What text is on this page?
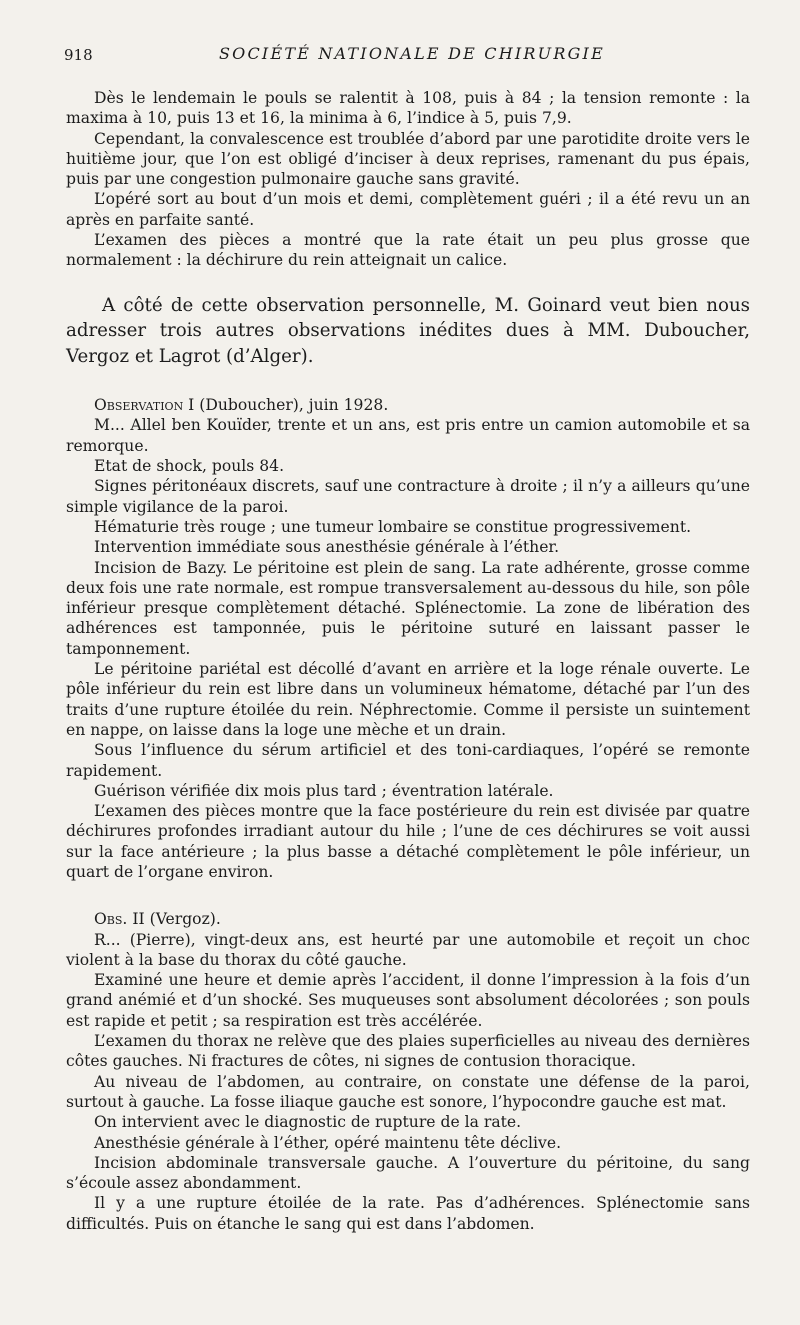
918	SOCIÉTÉ NATIONALE DE CHIRURGIE

Dès le lendemain le pouls se ralentit à 108, puis à 84 ; la tension remonte : la maxima à 10, puis 13 et 16, la minima à 6, l’indice à 5, puis 7,9.

Cependant, la convalescence est troublée d’abord par une parotidite droite vers le huitième jour, que l’on est obligé d’inciser à deux reprises, ramenant du pus épais, puis par une congestion pulmonaire gauche sans gravité.

L’opéré sort au bout d’un mois et demi, complètement guéri ; il a été revu un an après en parfaite santé.

L’examen des pièces a montré que la rate était un peu plus grosse que normalement : la déchirure du rein atteignait un calice.

A côté de cette observation personnelle, M. Goinard veut bien nous adresser trois autres observations inédites dues à MM. Duboucher, Vergoz et Lagrot (d’Alger).

Observation I (Duboucher), juin 1928.

M... Allel ben Kouïder, trente et un ans, est pris entre un camion automobile et sa remorque.

Etat de shock, pouls 84.

Signes péritonéaux discrets, sauf une contracture à droite ; il n’y a ailleurs qu’une simple vigilance de la paroi.

Hématurie très rouge ; une tumeur lombaire se constitue progressivement.

Intervention immédiate sous anesthésie générale à l’éther.

Incision de Bazy. Le péritoine est plein de sang. La rate adhérente, grosse comme deux fois une rate normale, est rompue transversalement au-dessous du hile, son pôle inférieur presque complètement détaché. Splénectomie. La zone de libération des adhérences est tamponnée, puis le péritoine suturé en laissant passer le tamponnement.

Le péritoine pariétal est décollé d’avant en arrière et la loge rénale ouverte. Le pôle inférieur du rein est libre dans un volumineux hématome, détaché par l’un des traits d’une rupture étoilée du rein. Néphrectomie. Comme il persiste un suintement en nappe, on laisse dans la loge une mèche et un drain.

Sous l’influence du sérum artificiel et des toni-cardiaques, l’opéré se remonte rapidement.

Guérison vérifiée dix mois plus tard ; éventration latérale.

L’examen des pièces montre que la face postérieure du rein est divisée par quatre déchirures profondes irradiant autour du hile ; l’une de ces déchirures se voit aussi sur la face antérieure ; la plus basse a détaché complètement le pôle inférieur, un quart de l’organe environ.

Obs. II (Vergoz).

R... (Pierre), vingt-deux ans, est heurté par une automobile et reçoit un choc violent à la base du thorax du côté gauche.

Examiné une heure et demie après l’accident, il donne l’impression à la fois d’un grand anémié et d’un shocké. Ses muqueuses sont absolument décolorées ; son pouls est rapide et petit ; sa respiration est très accélérée.

L’examen du thorax ne relève que des plaies superficielles au niveau des dernières côtes gauches. Ni fractures de côtes, ni signes de contusion thoracique.

Au niveau de l’abdomen, au contraire, on constate une défense de la paroi, surtout à gauche. La fosse iliaque gauche est sonore, l’hypocondre gauche est mat.

On intervient avec le diagnostic de rupture de la rate.

Anesthésie générale à l’éther, opéré maintenu tête déclive.

Incision abdominale transversale gauche. A l’ouverture du péritoine, du sang s’écoule assez abondamment.

Il y a une rupture étoilée de la rate. Pas d’adhérences. Splénectomie sans difficultés. Puis on étanche le sang qui est dans l’abdomen.
